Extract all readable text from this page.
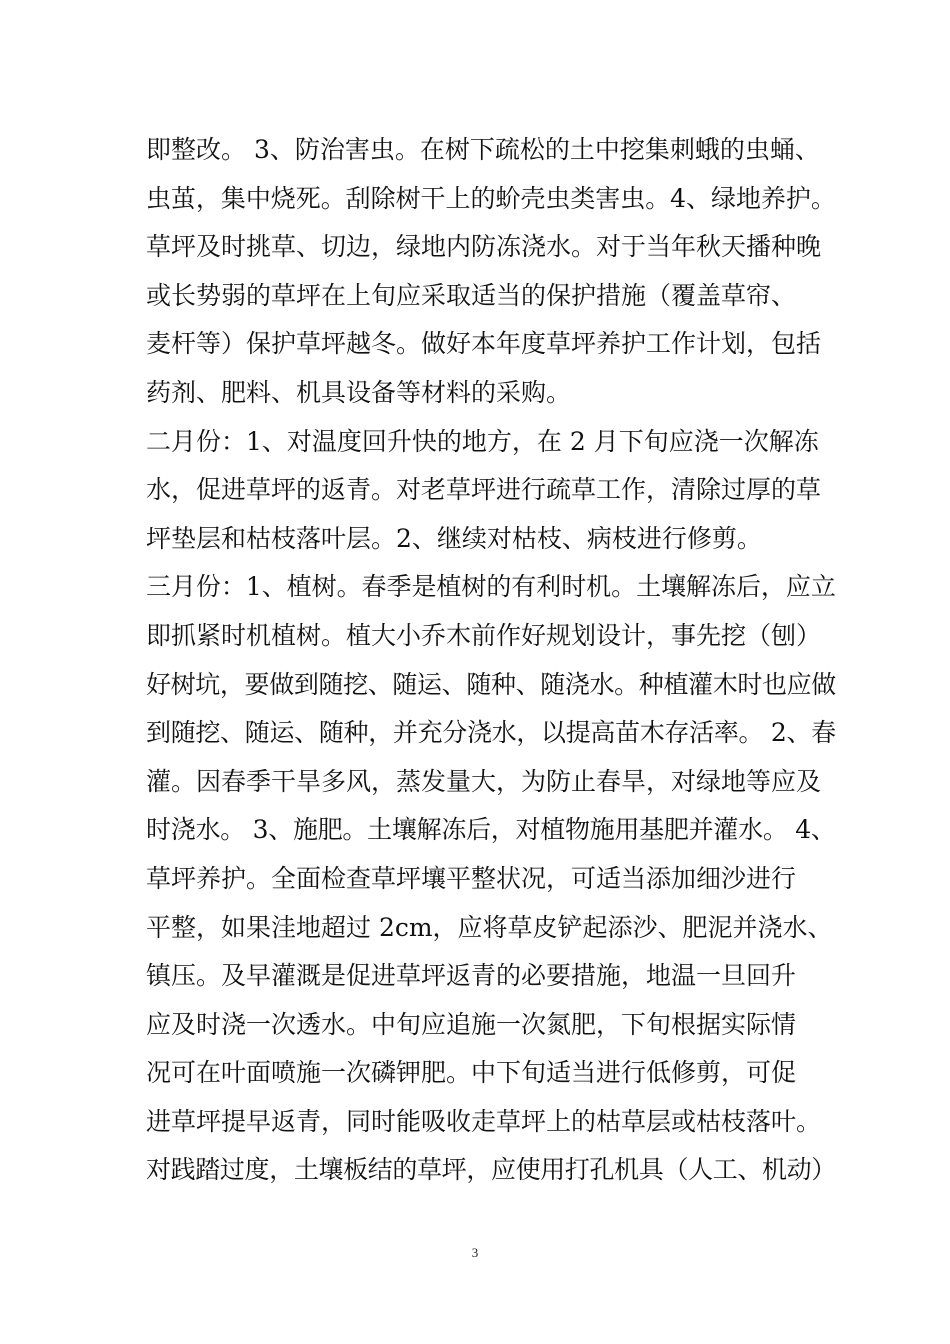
即整改。 3、防治害虫。在树下疏松的土中挖集刺蛾的虫蛹、
虫茧，集中烧死。刮除树干上的蚧壳虫类害虫。4、绿地养护。
草坪及时挑草、切边，绿地内防冻浇水。对于当年秋天播种晚
或长势弱的草坪在上旬应采取适当的保护措施（覆盖草帘、
麦杆等）保护草坪越冬。做好本年度草坪养护工作计划，包括
药剂、肥料、机具设备等材料的采购。
二月份：1、对温度回升快的地方，在 2 月下旬应浇一次解冻
水，促进草坪的返青。对老草坪进行疏草工作，清除过厚的草
坪垫层和枯枝落叶层。2、继续对枯枝、病枝进行修剪。
三月份：1、植树。春季是植树的有利时机。土壤解冻后，应立
即抓紧时机植树。植大小乔木前作好规划设计，事先挖（刨）
好树坑，要做到随挖、随运、随种、随浇水。种植灌木时也应做
到随挖、随运、随种，并充分浇水，以提高苗木存活率。 2、春
灌。因春季干旱多风，蒸发量大，为防止春旱，对绿地等应及
时浇水。 3、施肥。土壤解冻后，对植物施用基肥并灌水。 4、
草坪养护。全面检查草坪壤平整状况，可适当添加细沙进行
平整，如果洼地超过 2cm，应将草皮铲起添沙、肥泥并浇水、
镇压。及早灌溉是促进草坪返青的必要措施，地温一旦回升
应及时浇一次透水。中旬应追施一次氮肥，下旬根据实际情
况可在叶面喷施一次磷钾肥。中下旬适当进行低修剪，可促
进草坪提早返青，同时能吸收走草坪上的枯草层或枯枝落叶。
对践踏过度，土壤板结的草坪，应使用打孔机具（人工、机动）
3
